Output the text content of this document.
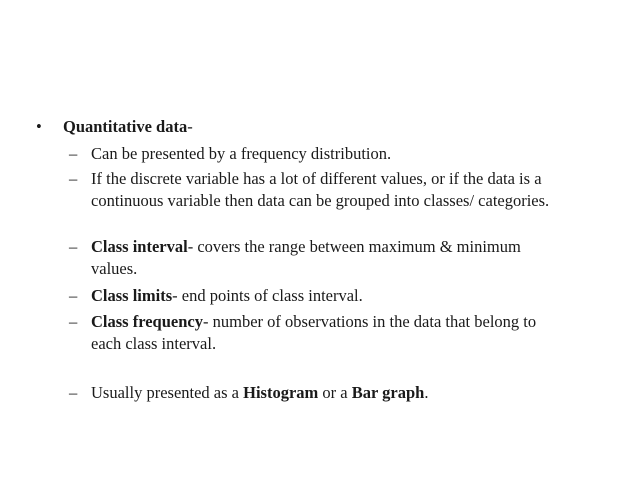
• Quantitative data-
– Can be presented by a frequency distribution.
– If the discrete variable has a lot of different values, or if the data is a
continuous variable then data can be grouped into classes/ categories.
– Class interval- covers the range between maximum & minimum
values.
– Class limits- end points of class interval.
– Class frequency- number of observations in the data that belong to
each class interval.
– Usually presented as a Histogram or a Bar graph.
